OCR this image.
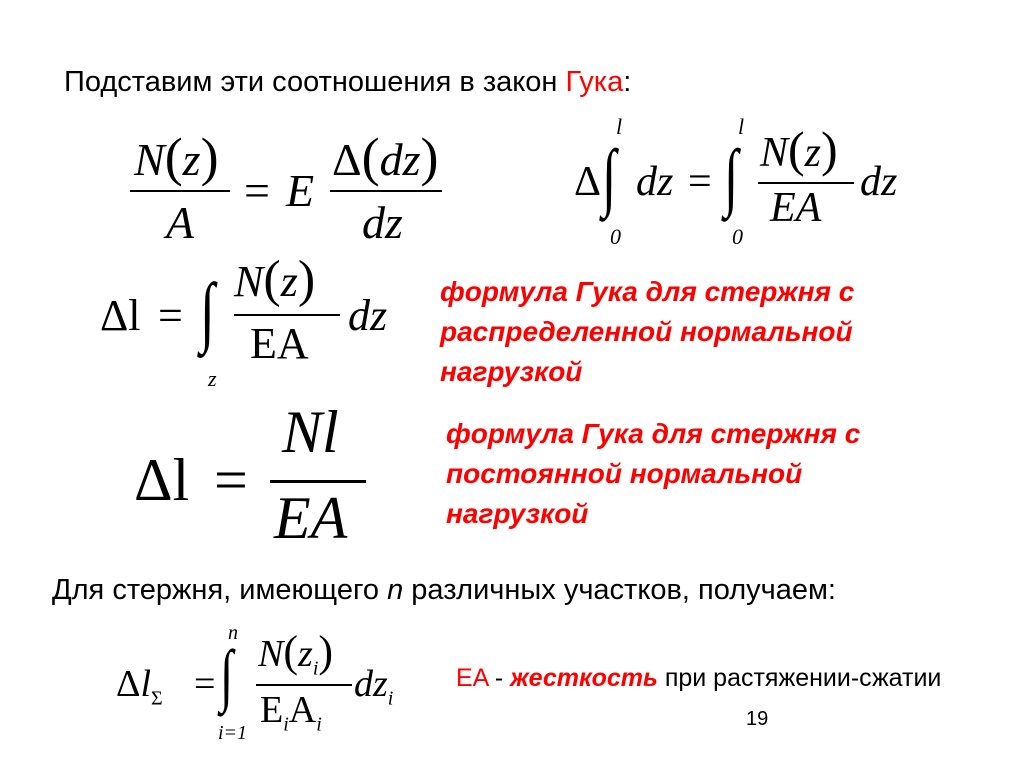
Подставим эти соотношения в закон Гука:
N(z)
A
= E
Δ(dz)
dz
Δ
l
∫
0
dz =
l
∫
0
N(z)
EA
dz
Δl = ∫
z
N(z)
EA
dz формула Гука для стержня с
распределенной нормальной
нагрузкой
Δl =
Nl
EA
формула Гука для стержня с
постоянной нормальной
нагрузкой
Для стержня, имеющего n различных участков, получаем:
$\Delta l_\Sigma$ =
n
∫
i=1
$N(z_i)$
$E_iA_i$
$dz_i$
EA - жесткость при растяжении-сжатии
19
